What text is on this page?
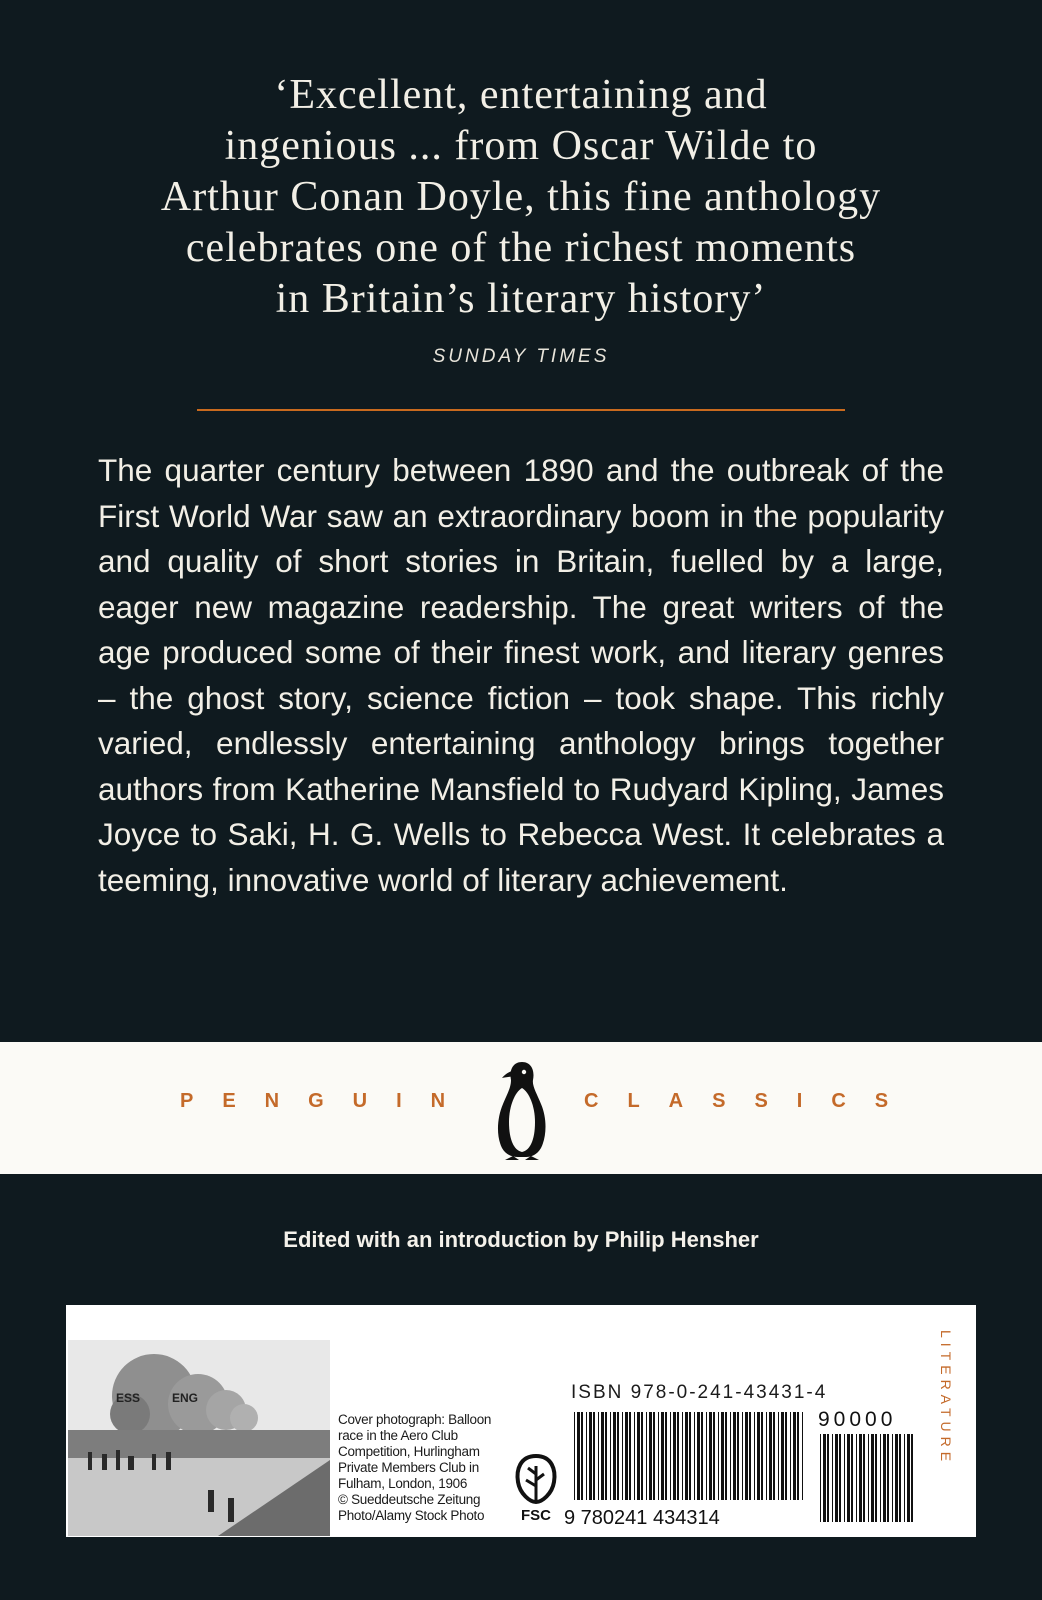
‘Excellent, entertaining and
ingenious ... from Oscar Wilde to
Arthur Conan Doyle, this fine anthology
celebrates one of the richest moments
in Britain’s literary history’
SUNDAY TIMES

The quarter century between 1890 and the outbreak of the First World War saw an extraordinary boom in the popularity and quality of short stories in Britain, fuelled by a large, eager new magazine readership. The great writers of the age produced some of their finest work, and literary genres – the ghost story, science fiction – took shape. This richly varied, endlessly entertaining anthology brings together authors from Katherine Mansfield to Rudyard Kipling, James Joyce to Saki, H. G. Wells to Rebecca West. It celebrates a teeming, innovative world of literary achievement.

PENGUIN	CLASSICS
Edited with an introduction by Philip Hensher
ESS	ENG
Cover photograph: Balloon
race in the Aero Club
Competition, Hurlingham
Private Members Club in
Fulham, London, 1906
© Sueddeutsche Zeitung
Photo/Alamy Stock Photo	FSC
ISBN 978-0-241-43431-4
9 780241 434314
90000	LITERATURE
